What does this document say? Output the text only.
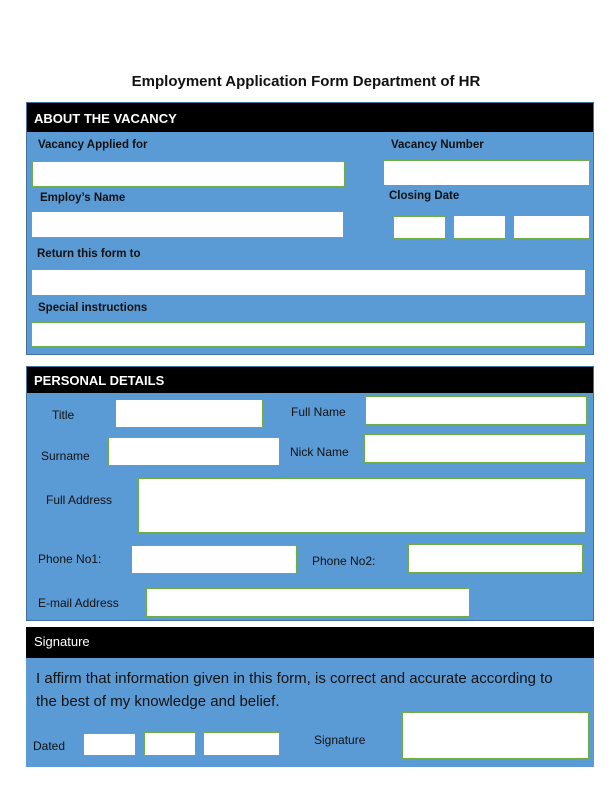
Employment Application Form Department of HR
ABOUT THE VACANCY
Vacancy Applied for	Vacancy Number
Employ’s Name	Closing Date
Return this form to
Special instructions
PERSONAL DETAILS
Title	Full Name
Surname	Nick Name
Full Address
Phone No1:	Phone No2:
E-mail Address
Signature
I affirm that information given in this form, is correct and accurate according to the best of my knowledge and belief.
Dated	Signature
